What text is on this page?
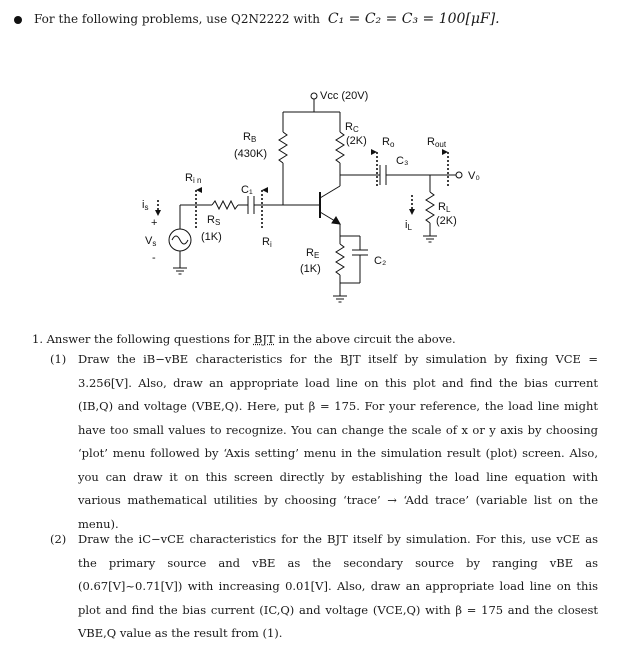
For the following problems, use Q2N2222 with C₁ = C₂ = C₃ = 100[μF].
Vcc (20V)
RB
(430K)
RC
(2K) Ro	Rout
C₃
V₀
Ri n
C₁
is
+
Vs
-
RS
(1K)	Ri
RE
(1K)
C₂
iL
RL
(2K)
1. Answer the following questions for BJT in the above circuit the above.
(1) Draw the iB−vBE characteristics for the BJT itself by simulation by fixing VCE = 3.256[V]. Also, draw an appropriate load line on this plot and find the bias current (IB,Q) and voltage (VBE,Q). Here, put β = 175. For your reference, the load line might have too small values to recognize. You can change the scale of x or y axis by choosing ‘plot’ menu followed by ‘Axis setting’ menu in the simulation result (plot) screen. Also, you can draw it on this screen directly by establishing the load line equation with various mathematical utilities by choosing ‘trace’ → ‘Add trace’ (variable list on the menu).
(2) Draw the iC−vCE characteristics for the BJT itself by simulation. For this, use vCE as the primary source and vBE as the secondary source by ranging vBE as (0.67[V]~0.71[V]) with increasing 0.01[V]. Also, draw an appropriate load line on this plot and find the bias current (IC,Q) and voltage (VCE,Q) with β = 175 and the closest VBE,Q value as the result from (1).
